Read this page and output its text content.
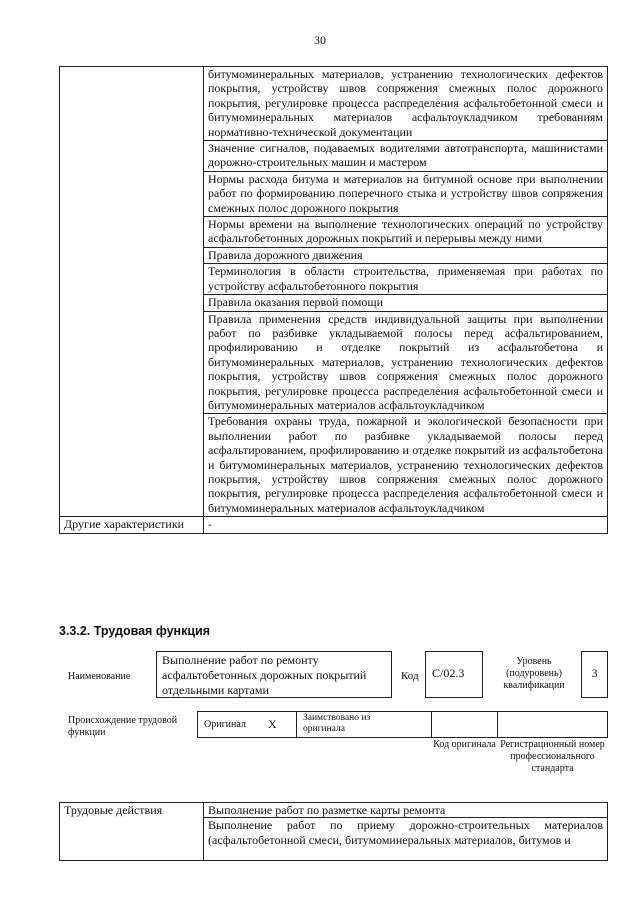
30
	битумоминеральных материалов, устранению технологических дефектов покрытия, устройству швов сопряжения смежных полос дорожного покрытия, регулировке процесса распределения асфальтобетонной смеси и битумоминеральных материалов асфальтоукладчиком требованиям нормативно-технической документации
	Значение сигналов, подаваемых водителями автотранспорта, машинистами дорожно-строительных машин и мастером
	Нормы расхода битума и материалов на битумной основе при выполнении работ по формированию поперечного стыка и устройству швов сопряжения смежных полос дорожного покрытия
	Нормы времени на выполнение технологических операций по устройству асфальтобетонных дорожных покрытий и перерывы между ними
	Правила дорожного движения
	Терминология в области строительства, применяемая при работах по устройству асфальтобетонного покрытия
	Правила оказания первой помощи
	Правила применения средств индивидуальной защиты при выполнении работ по разбивке укладываемой полосы перед асфальтированием, профилированию и отделке покрытий из асфальтобетона и битумоминеральных материалов, устранению технологических дефектов покрытия, устройству швов сопряжения смежных полос дорожного покрытия, регулировке процесса распределения асфальтобетонной смеси и битумоминеральных материалов асфальтоукладчиком
	Требования охраны труда, пожарной и экологической безопасности при выполнении работ по разбивке укладываемой полосы перед асфальтированием, профилированию и отделке покрытий из асфальтобетона и битумоминеральных материалов, устранению технологических дефектов покрытия, устройству швов сопряжения смежных полос дорожного покрытия, регулировке процесса распределения асфальтобетонной смеси и битумоминеральных материалов асфальтоукладчиком
Другие характеристики	-
3.3.2. Трудовая функция
Наименование
Выполнение работ по ремонту асфальтобетонных дорожных покрытий отдельными картами
Код	C/02.3
Уровень (подуровень) квалификации
3
Происхождение трудовой функции
Оригинал X	Заимствовано из оригинала
Код оригинала Регистрационный номер профессионального стандарта
Трудовые действия	Выполнение работ по разметке карты ремонта

Выполнение работ по приему дорожно-строительных материалов (асфальтобетонной смеси, битумоминеральных материалов, битумов и
